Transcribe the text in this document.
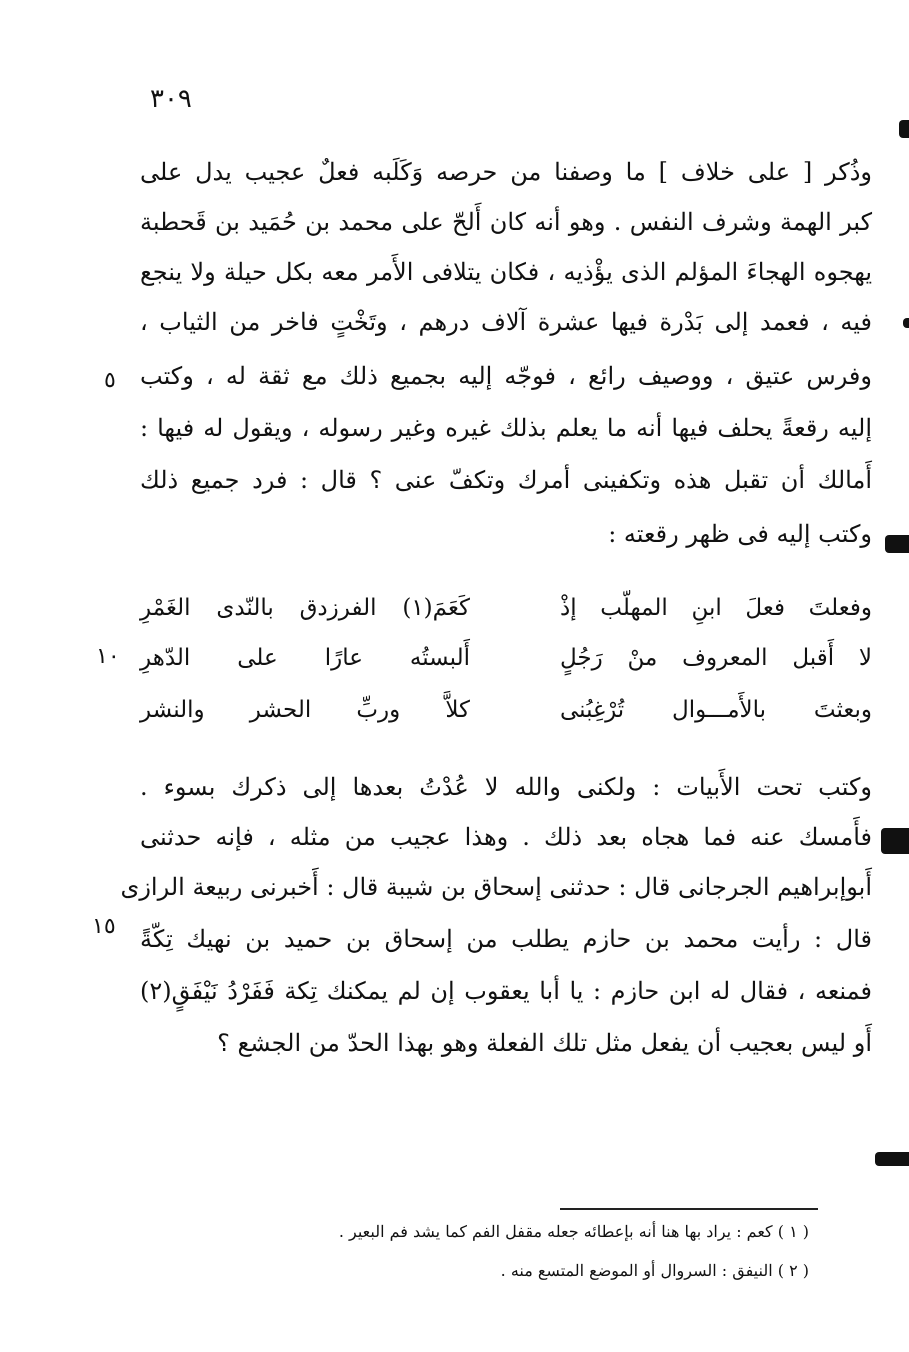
٣٠٩
وذُكر [ على خلاف ] ما وصفنا من حرصه وَكَلَبه فعلٌ عجيب يدل على
كبر الهمة وشرف النفس . وهو أنه كان أَلحّ على محمد بن حُمَيد بن قَحطبة
يهجوه الهجاءَ المؤلم الذى يؤْذيه ، فكان يتلافى الأَمر معه بكل حيلة ولا ينجع
فيه ، فعمد إلى بَدْرة فيها عشرة آلاف درهم ، وتَخْتٍ فاخر من الثياب ،
وفرس عتيق ، ووصيف رائع ، فوجّه إليه بجميع ذلك مع ثقة له ، وكتب
إليه رقعةً يحلف فيها أنه ما يعلم بذلك غيره وغير رسوله ، ويقول له فيها :
أَمالك أن تقبل هذه وتكفينى أمرك وتكفّ عنى ؟ قال : فرد جميع ذلك
وكتب إليه فى ظهر رقعته :
وفعلتَ فعلَ ابنِ المهلّب إذْ
كَعَمَ(١) الفرزدق بالنّدى الغَمْرِ
لا أَقبل المعروف منْ رَجُلٍ
أَلبستُه عارًا على الدّهرِ
وبعثتَ بالأَمـــوال تُرْغِبُنى
كلاَّ وربِّ الحشر والنشر
وكتب تحت الأَبيات : ولكنى والله لا عُدْتُ بعدها إلى ذكرك بسوء .
فأَمسك عنه فما هجاه بعد ذلك . وهذا عجيب من مثله ، فإنه حدثنى
أَبوإبراهيم الجرجانى قال : حدثنى إسحاق بن شيبة قال : أَخبرنى ربيعة الرازى
قال : رأيت محمد بن حازم يطلب من إسحاق بن حميد بن نهيك تِكّةً
فمنعه ، فقال له ابن حازم : يا أبا يعقوب إن لم يمكنك تِكة فَفَرْدُ نَيْفَقٍ(٢)
أَو ليس بعجيب أن يفعل مثل تلك الفعلة وهو بهذا الحدّ من الجشع ؟
٥
١٠
١٥
( ١ ) كعم : يراد بها هنا أنه بإعطائه جعله مقفل الفم كما يشد فم البعير .
( ٢ ) النيفق : السروال أو الموضع المتسع منه .
